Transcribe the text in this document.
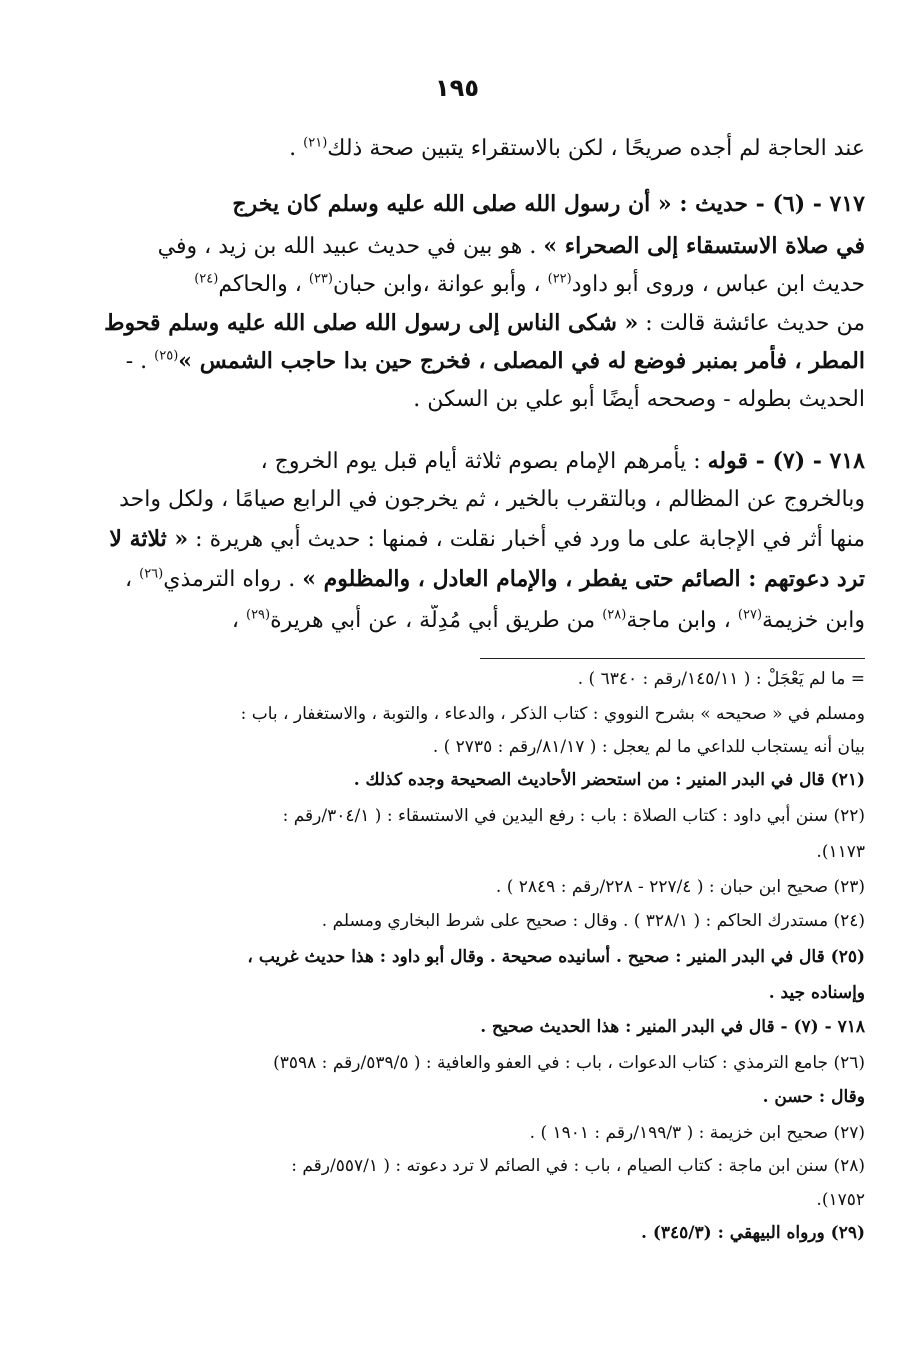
١٩٥
عند الحاجة لم أجده صريحًا ، لكن بالاستقراء يتبين صحة ذلك$^{(٢١)}$ .
٧١٧ - (٦) - حديث : « أن رسول الله صلى الله عليه وسلم كان يخرج
في صلاة الاستسقاء إلى الصحراء » . هو بين في حديث عبيد الله بن زيد ، وفي
حديث ابن عباس ، وروى أبو داود$^{(٢٢)}$ ، وأبو عوانة ،وابن حبان$^{(٢٣)}$ ، والحاكم$^{(٢٤)}$
من حديث عائشة قالت : « شكى الناس إلى رسول الله صلى الله عليه وسلم قحوط
المطر ، فأمر بمنبر فوضع له في المصلى ، فخرج حين بدا حاجب الشمس »$^{(٢٥)}$ . -
الحديث بطوله - وصححه أيضًا أبو علي بن السكن .
٧١٨ - (٧) - قوله : يأمرهم الإمام بصوم ثلاثة أيام قبل يوم الخروج ،
وبالخروج عن المظالم ، وبالتقرب بالخير ، ثم يخرجون في الرابع صيامًا ، ولكل واحد
منها أثر في الإجابة على ما ورد في أخبار نقلت ، فمنها : حديث أبي هريرة : « ثلاثة لا
ترد دعوتهم : الصائم حتى يفطر ، والإمام العادل ، والمظلوم » . رواه الترمذي$^{(٢٦)}$ ،
وابن خزيمة$^{(٢٧)}$ ، وابن ماجة$^{(٢٨)}$ من طريق أبي مُدِلَّة ، عن أبي هريرة$^{(٢٩)}$ ،
= ما لم يَعْجَلْ : ( ١٤٥/١١/رقم : ٦٣٤٠ ) .
ومسلم في « صحيحه » بشرح النووي : كتاب الذكر ، والدعاء ، والتوبة ، والاستغفار ، باب :
بيان أنه يستجاب للداعي ما لم يعجل : ( ٨١/١٧/رقم : ٢٧٣٥ ) .
(٢١) قال في البدر المنير : من استحضر الأحاديث الصحيحة وجده كذلك .
(٢٢) سنن أبي داود : كتاب الصلاة : باب : رفع اليدين في الاستسقاء : ( ٣٠٤/١/رقم :
١١٧٣).
(٢٣) صحيح ابن حبان : ( ٢٢٧/٤ - ٢٢٨/رقم : ٢٨٤٩ ) .
(٢٤) مستدرك الحاكم : ( ٣٢٨/١ ) . وقال : صحيح على شرط البخاري ومسلم .
(٢٥) قال في البدر المنير : صحيح . أسانيده صحيحة . وقال أبو داود : هذا حديث غريب ،
وإسناده جيد .
٧١٨ - (٧) - قال في البدر المنير : هذا الحديث صحيح .
(٢٦) جامع الترمذي : كتاب الدعوات ، باب : في العفو والعافية : ( ٥٣٩/٥/رقم : ٣٥٩٨)
وقال : حسن .
(٢٧) صحيح ابن خزيمة : ( ١٩٩/٣/رقم : ١٩٠١ ) .
(٢٨) سنن ابن ماجة : كتاب الصيام ، باب : في الصائم لا ترد دعوته : ( ٥٥٧/١/رقم :
١٧٥٢).
(٢٩) ورواه البيهقي : (٣٤٥/٣) .
